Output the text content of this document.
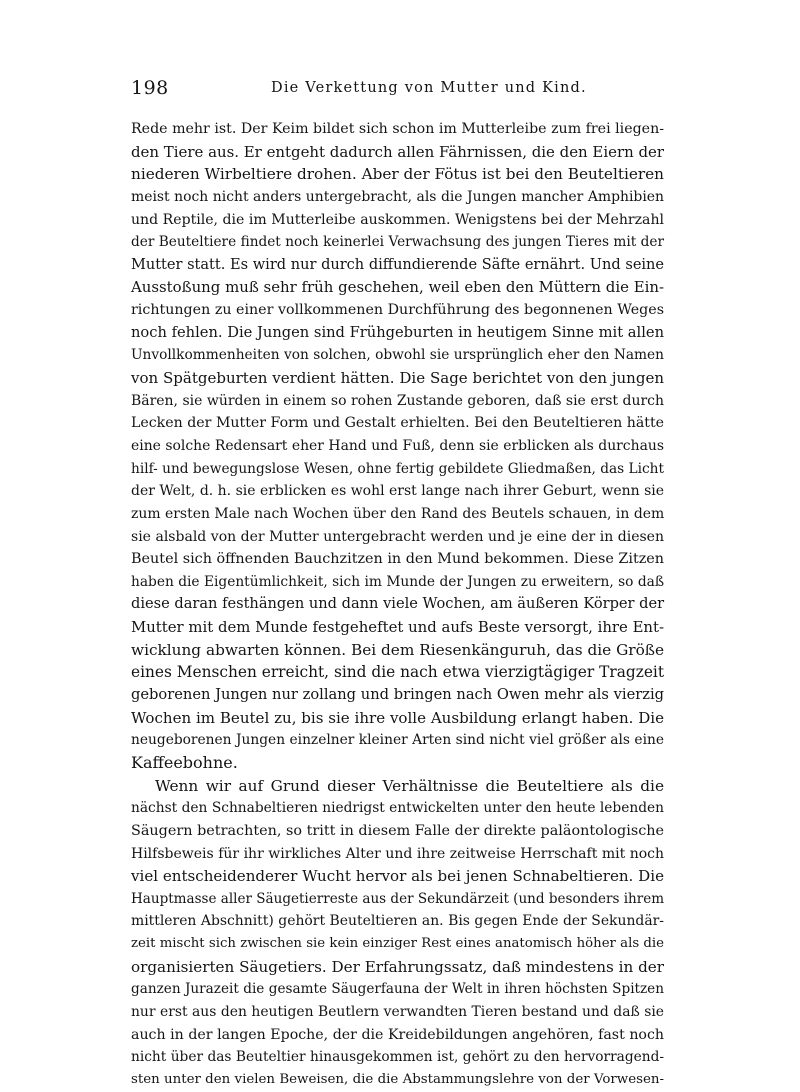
198	Die Verkettung von Mutter und Kind.
Rede mehr ist. Der Keim bildet sich schon im Mutterleibe zum frei liegen-
den Tiere aus. Er entgeht dadurch allen Fährnissen, die den Eiern der
niederen Wirbeltiere drohen. Aber der Fötus ist bei den Beuteltieren
meist noch nicht anders untergebracht, als die Jungen mancher Amphibien
und Reptile, die im Mutterleibe auskommen. Wenigstens bei der Mehrzahl
der Beuteltiere findet noch keinerlei Verwachsung des jungen Tieres mit der
Mutter statt. Es wird nur durch diffundierende Säfte ernährt. Und seine
Ausstoßung muß sehr früh geschehen, weil eben den Müttern die Ein-
richtungen zu einer vollkommenen Durchführung des begonnenen Weges
noch fehlen. Die Jungen sind Frühgeburten in heutigem Sinne mit allen
Unvollkommenheiten von solchen, obwohl sie ursprünglich eher den Namen
von Spätgeburten verdient hätten. Die Sage berichtet von den jungen
Bären, sie würden in einem so rohen Zustande geboren, daß sie erst durch
Lecken der Mutter Form und Gestalt erhielten. Bei den Beuteltieren hätte
eine solche Redensart eher Hand und Fuß, denn sie erblicken als durchaus
hilf- und bewegungslose Wesen, ohne fertig gebildete Gliedmaßen, das Licht
der Welt, d. h. sie erblicken es wohl erst lange nach ihrer Geburt, wenn sie
zum ersten Male nach Wochen über den Rand des Beutels schauen, in dem
sie alsbald von der Mutter untergebracht werden und je eine der in diesen
Beutel sich öffnenden Bauchzitzen in den Mund bekommen. Diese Zitzen
haben die Eigentümlichkeit, sich im Munde der Jungen zu erweitern, so daß
diese daran festhängen und dann viele Wochen, am äußeren Körper der
Mutter mit dem Munde festgeheftet und aufs Beste versorgt, ihre Ent-
wicklung abwarten können. Bei dem Riesenkänguruh, das die Größe
eines Menschen erreicht, sind die nach etwa vierzigtägiger Tragzeit
geborenen Jungen nur zollang und bringen nach Owen mehr als vierzig
Wochen im Beutel zu, bis sie ihre volle Ausbildung erlangt haben. Die
neugeborenen Jungen einzelner kleiner Arten sind nicht viel größer als eine
Kaffeebohne.
Wenn wir auf Grund dieser Verhältnisse die Beuteltiere als die
nächst den Schnabeltieren niedrigst entwickelten unter den heute lebenden
Säugern betrachten, so tritt in diesem Falle der direkte paläontologische
Hilfsbeweis für ihr wirkliches Alter und ihre zeitweise Herrschaft mit noch
viel entscheidenderer Wucht hervor als bei jenen Schnabeltieren. Die
Hauptmasse aller Säugetierreste aus der Sekundärzeit (und besonders ihrem
mittleren Abschnitt) gehört Beuteltieren an. Bis gegen Ende der Sekundär-
zeit mischt sich zwischen sie kein einziger Rest eines anatomisch höher als die
organisierten Säugetiers. Der Erfahrungssatz, daß mindestens in der
ganzen Jurazeit die gesamte Säugerfauna der Welt in ihren höchsten Spitzen
nur erst aus den heutigen Beutlern verwandten Tieren bestand und daß sie
auch in der langen Epoche, der die Kreidebildungen angehören, fast noch
nicht über das Beuteltier hinausgekommen ist, gehört zu den hervorragend-
sten unter den vielen Beweisen, die die Abstammungslehre von der Vorwesen-
